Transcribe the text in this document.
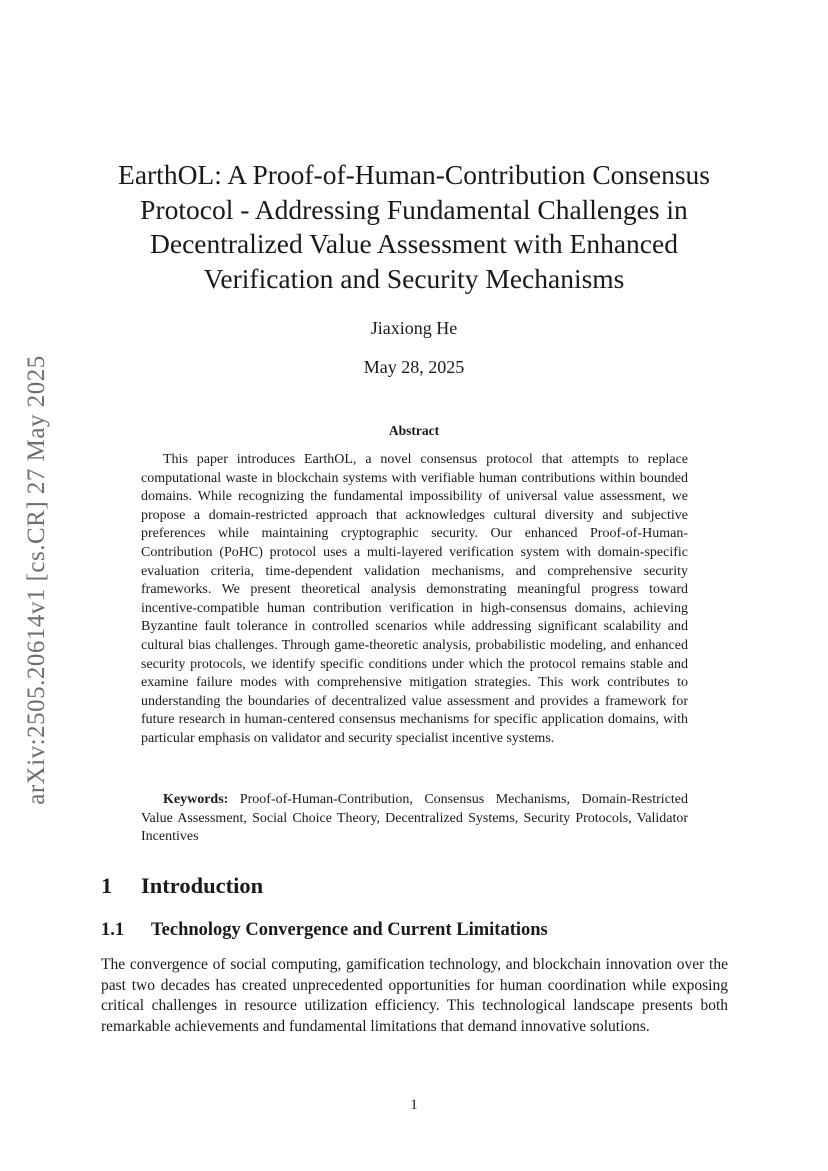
arXiv:2505.20614v1 [cs.CR] 27 May 2025
EarthOL: A Proof-of-Human-Contribution Consensus Protocol - Addressing Fundamental Challenges in Decentralized Value Assessment with Enhanced Verification and Security Mechanisms
Jiaxiong He
May 28, 2025
Abstract

This paper introduces EarthOL, a novel consensus protocol that attempts to replace computational waste in blockchain systems with verifiable human contributions within bounded domains. While recognizing the fundamental impossibility of universal value assessment, we propose a domain-restricted approach that acknowledges cultural diversity and subjective preferences while maintaining cryptographic security. Our enhanced Proof-of-Human-Contribution (PoHC) protocol uses a multi-layered verification system with domain-specific evaluation criteria, time-dependent validation mechanisms, and comprehensive security frameworks. We present theoretical analysis demonstrating meaningful progress toward incentive-compatible human contribution verification in high-consensus domains, achieving Byzantine fault tolerance in controlled scenarios while addressing significant scalability and cultural bias challenges. Through game-theoretic analysis, probabilistic modeling, and enhanced security protocols, we identify specific conditions under which the protocol remains stable and examine failure modes with comprehensive mitigation strategies. This work contributes to understanding the boundaries of decentralized value assessment and provides a framework for future research in human-centered consensus mechanisms for specific application domains, with particular emphasis on validator and security specialist incentive systems.

Keywords: Proof-of-Human-Contribution, Consensus Mechanisms, Domain-Restricted Value Assessment, Social Choice Theory, Decentralized Systems, Security Protocols, Validator Incentives

1 Introduction
1.1 Technology Convergence and Current Limitations

The convergence of social computing, gamification technology, and blockchain innovation over the past two decades has created unprecedented opportunities for human coordination while exposing critical challenges in resource utilization efficiency. This technological landscape presents both remarkable achievements and fundamental limitations that demand innovative solutions.

1
